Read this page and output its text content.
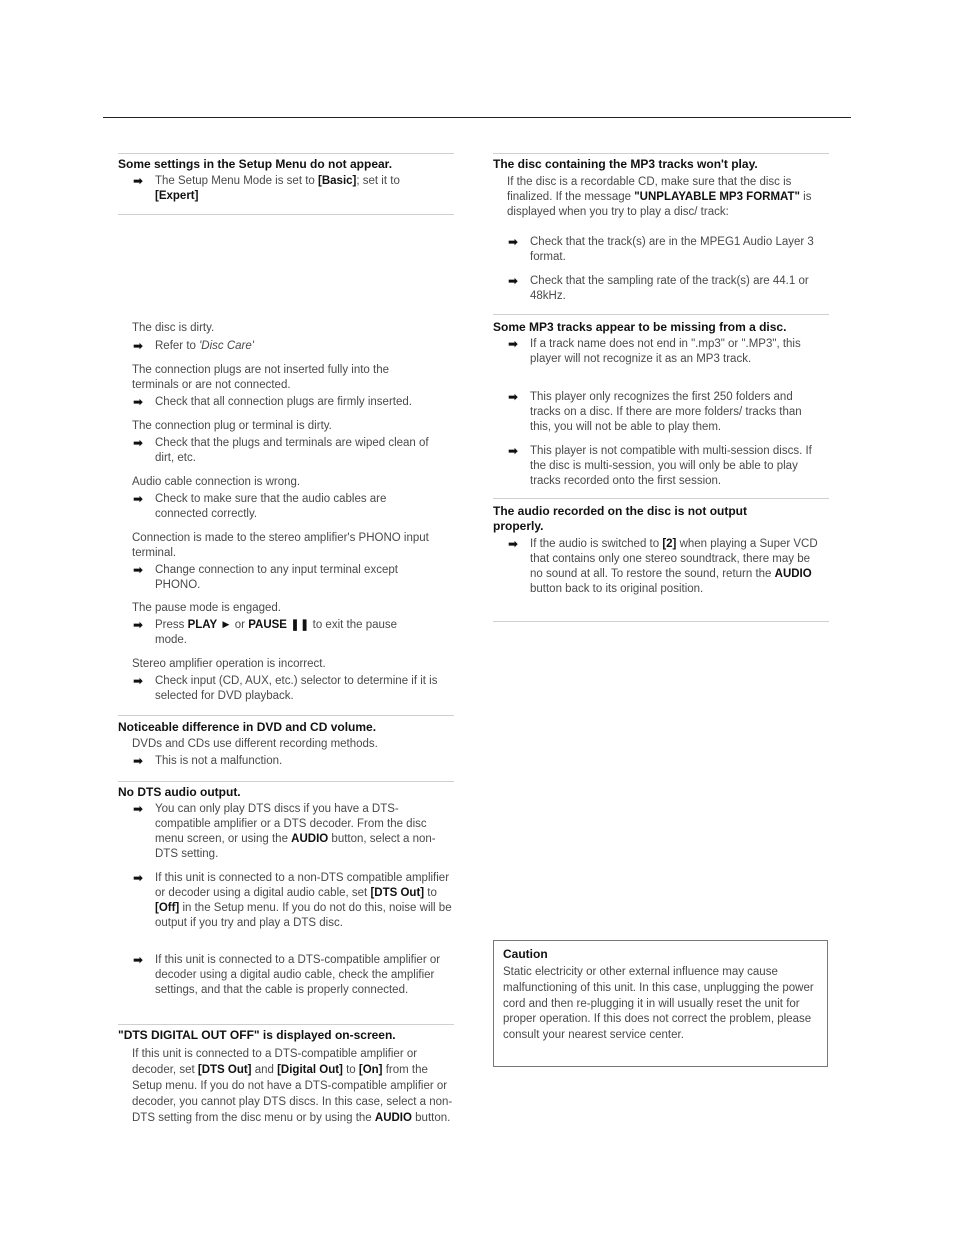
Some settings in the Setup Menu do not appear.
➡ The Setup Menu Mode is set to [Basic]; set it to
[Expert]
The disc is dirty.
➡ Refer to 'Disc Care'
The connection plugs are not inserted fully into the terminals or are not connected.
➡ Check that all connection plugs are firmly inserted.
The connection plug or terminal is dirty.
➡ Check that the plugs and terminals are wiped clean of dirt, etc.
Audio cable connection is wrong.
➡ Check to make sure that the audio cables are connected correctly.
Connection is made to the stereo amplifier's PHONO input terminal.
➡ Change connection to any input terminal except PHONO.
The pause mode is engaged.
➡ Press PLAY ► or PAUSE ❚❚ to exit the pause mode.
Stereo amplifier operation is incorrect.
➡ Check input (CD, AUX, etc.) selector to determine if it is selected for DVD playback.
Noticeable difference in DVD and CD volume.
DVDs and CDs use different recording methods.
➡ This is not a malfunction.
No DTS audio output.
➡ You can only play DTS discs if you have a DTS-compatible amplifier or a DTS decoder. From the disc menu screen, or using the AUDIO button, select a non-DTS setting.
➡ If this unit is connected to a non-DTS compatible amplifier or decoder using a digital audio cable, set [DTS Out] to [Off] in the Setup menu. If you do not do this, noise will be output if you try and play a DTS disc.
➡ If this unit is connected to a DTS-compatible amplifier or decoder using a digital audio cable, check the amplifier settings, and that the cable is properly connected.
"DTS DIGITAL OUT OFF" is displayed on-screen.
If this unit is connected to a DTS-compatible amplifier or decoder, set [DTS Out] and [Digital Out] to [On] from the Setup menu. If you do not have a DTS-compatible amplifier or decoder, you cannot play DTS discs. In this case, select a non-DTS setting from the disc menu or by using the AUDIO button.
The disc containing the MP3 tracks won't play.
If the disc is a recordable CD, make sure that the disc is finalized. If the message "UNPLAYABLE MP3 FORMAT" is displayed when you try to play a disc/ track:
➡ Check that the track(s) are in the MPEG1 Audio Layer 3 format.
➡ Check that the sampling rate of the track(s) are 44.1 or 48kHz.
Some MP3 tracks appear to be missing from a disc.
➡ If a track name does not end in ".mp3" or ".MP3", this player will not recognize it as an MP3 track.
➡ This player only recognizes the first 250 folders and tracks on a disc. If there are more folders/ tracks than this, you will not be able to play them.
➡ This player is not compatible with multi-session discs. If the disc is multi-session, you will only be able to play tracks recorded onto the first session.
The audio recorded on the disc is not output properly.
➡ If the audio is switched to [2] when playing a Super VCD that contains only one stereo soundtrack, there may be no sound at all. To restore the sound, return the AUDIO button back to its original position.
Caution
Static electricity or other external influence may cause malfunctioning of this unit. In this case, unplugging the power cord and then re-plugging it in will usually reset the unit for proper operation. If this does not correct the problem, please consult your nearest service center.
